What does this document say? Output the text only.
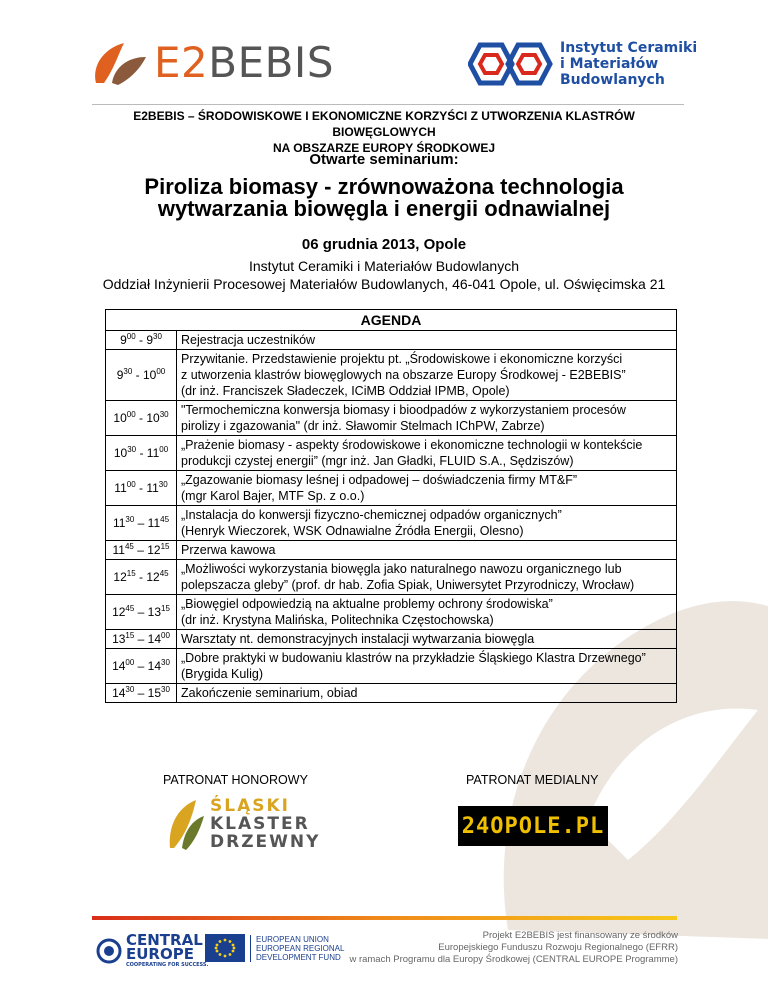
E2BEBIS	Instytut Ceramiki
i Materiałów
Budowlanych
E2BEBIS – ŚRODOWISKOWE I EKONOMICZNE KORZYŚCI Z UTWORZENIA KLASTRÓW BIOWĘGLOWYCH
NA OBSZARZE EUROPY ŚRODKOWEJ
Otwarte seminarium:
Piroliza biomasy - zrównoważona technologia
wytwarzania biowęgla i energii odnawialnej
06 grudnia 2013, Opole
Instytut Ceramiki i Materiałów Budowlanych
Oddział Inżynierii Procesowej Materiałów Budowlanych, 46-041 Opole, ul. Oświęcimska 21
AGENDA	
$9^{00} - 9^{30}$	Rejestracja uczestników

$9^{30} - 10^{00}$	Przywitanie. Przedstawienie projektu pt. „Środowiskowe i ekonomiczne korzyści
z utworzenia klastrów biowęglowych na obszarze Europy Środkowej - E2BEBIS”
(dr inż. Franciszek Sładeczek, ICiMB Oddział IPMB, Opole)

$10^{00} - 10^{30}$	"Termochemiczna konwersja biomasy i bioodpadów z wykorzystaniem procesów
pirolizy i zgazowania" (dr inż. Sławomir Stelmach IChPW, Zabrze)

$10^{30} - 11^{00}$	„Prażenie biomasy - aspekty środowiskowe i ekonomiczne technologii w kontekście
produkcji czystej energii” (mgr inż. Jan Gładki, FLUID S.A., Sędziszów)

$11^{00} - 11^{30}$	„Zgazowanie biomasy leśnej i odpadowej – doświadczenia firmy MT&F”
(mgr Karol Bajer, MTF Sp. z o.o.)

$11^{30} - 11^{45}$	„Instalacja do konwersji fizyczno-chemicznej odpadów organicznych”
(Henryk Wieczorek, WSK Odnawialne Źródła Energii, Olesno)

$11^{45} - 12^{15}$	Przerwa kawowa

$12^{15} - 12^{45}$	„Możliwości wykorzystania biowęgla jako naturalnego nawozu organicznego lub
polepszacza gleby” (prof. dr hab. Zofia Spiak, Uniwersytet Przyrodniczy, Wrocław)

$12^{45} - 13^{15}$	„Biowęgiel odpowiedzią na aktualne problemy ochrony środowiska”
(dr inż. Krystyna Malińska, Politechnika Częstochowska)

$13^{15} - 14^{00}$	Warsztaty nt. demonstracyjnych instalacji wytwarzania biowęgla

$14^{00} - 14^{30}$	„Dobre praktyki w budowaniu klastrów na przykładzie Śląskiego Klastra Drzewnego”
(Brygida Kulig)

$14^{30} - 15^{30}$	Zakończenie seminarium, obiad
PATRONAT HONOROWY	PATRONAT MEDIALNY
ŚLĄSKI
KLASTER
DRZEWNY
24OPOLE.PL
CENTRAL
EUROPE
COOPERATING FOR SUCCESS.
EUROPEAN UNION
EUROPEAN REGIONAL
DEVELOPMENT FUND
Projekt E2BEBIS jest finansowany ze środków
Europejskiego Funduszu Rozwoju Regionalnego (EFRR)
w ramach Programu dla Europy Środkowej (CENTRAL EUROPE Programme)
